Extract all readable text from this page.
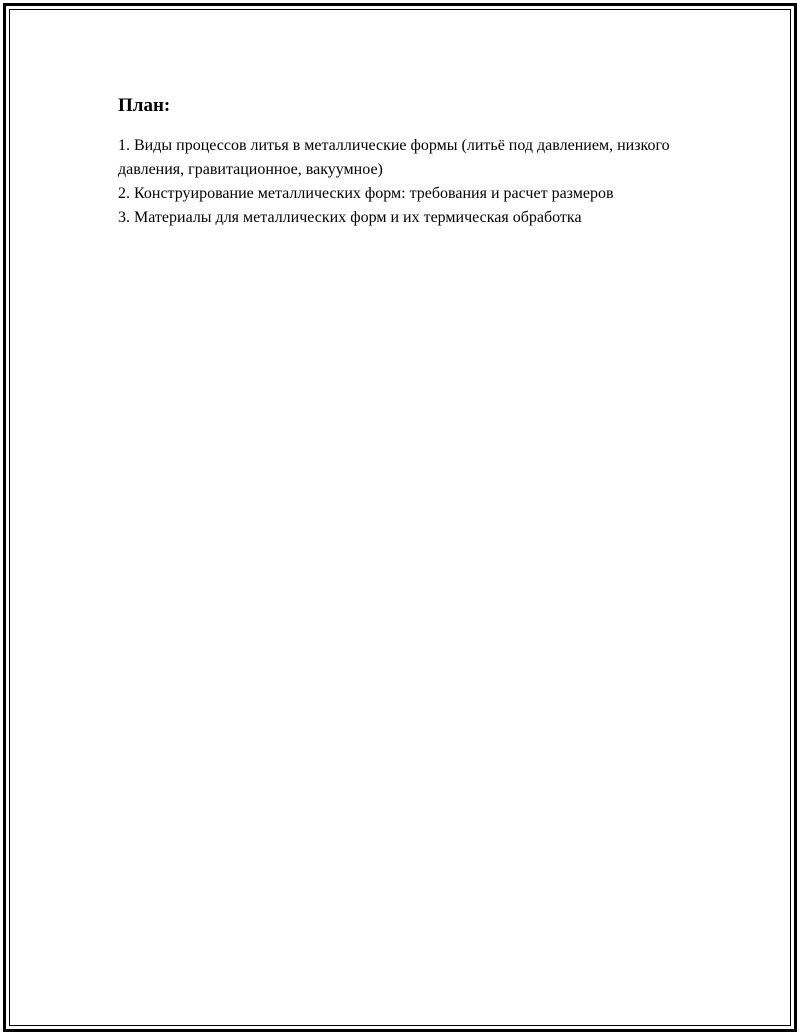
План:
1. Виды процессов литья в металлические формы (литьё под давлением, низкого давления, гравитационное, вакуумное)
2. Конструирование металлических форм: требования и расчет размеров
3. Материалы для металлических форм и их термическая обработка
